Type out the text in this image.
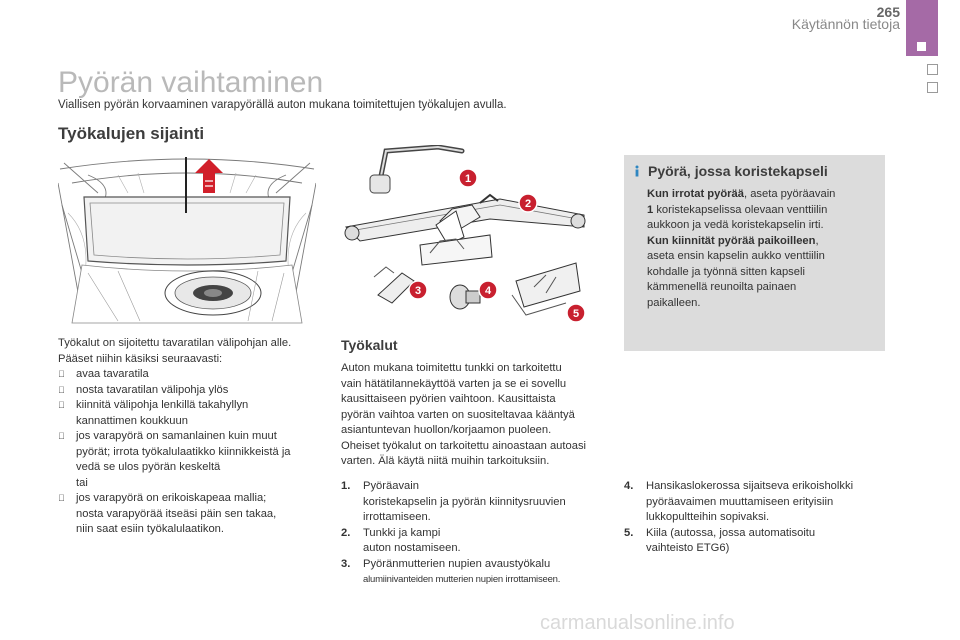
265
Käytännön tietoja
Pyörän vaihtaminen
Viallisen pyörän korvaaminen varapyörällä auton mukana toimitettujen työkalujen avulla.
Työkalujen sijainti
1
2
3	4
5

Työkalut on sijoitettu tavaratilan välipohjan alle.

Pääset niihin käsiksi seuraavasti:

avaa tavaratila
nosta tavaratilan välipohja ylös
kiinnitä välipohja lenkillä takahyllyn
kannattimen koukkuun
jos varapyörä on samanlainen kuin muut
pyörät; irrota työkalulaatikko kiinnikkeistä ja
vedä se ulos pyörän keskeltä
tai
jos varapyörä on erikoiskapeaa mallia;
nosta varapyörää itseäsi päin sen takaa,
niin saat esiin työkalulaatikon.
Työkalut

Auton mukana toimitettu tunkki on tarkoitettu

vain hätätilannekäyttöä varten ja se ei sovellu

kausittaiseen pyörien vaihtoon. Kausittaista

pyörän vaihtoa varten on suositeltavaa kääntyä

asiantuntevan huollon/korjaamon puoleen.

Oheiset työkalut on tarkoitettu ainoastaan autoasi

varten. Älä käytä niitä muihin tarkoituksiin.

1.	Pyöräavain
koristekapselin ja pyörän kiinnitysruuvien
irrottamiseen.
2.	Tunkki ja kampi
auton nostamiseen.
3.	Pyöränmutterien nupien avaustyökalu
alumiinivanteiden mutterien nupien irrottamiseen.
4.	Hansikaslokerossa sijaitseva erikoisholkki
pyöräavaimen muuttamiseen erityisiin
lukkopultteihin sopivaksi.
5.	Kiila (autossa, jossa automatisoitu
vaihteisto ETG6)
Pyörä, jossa koristekapseli
Kun irrotat pyörää, aseta pyöräavain
1 koristekapselissa olevaan venttiilin
aukkoon ja vedä koristekapselin irti.
Kun kiinnität pyörää paikoilleen,
aseta ensin kapselin aukko venttiilin
kohdalle ja työnnä sitten kapseli
kämmenellä reunoilta painaen
paikalleen.
carmanualsonline.info
